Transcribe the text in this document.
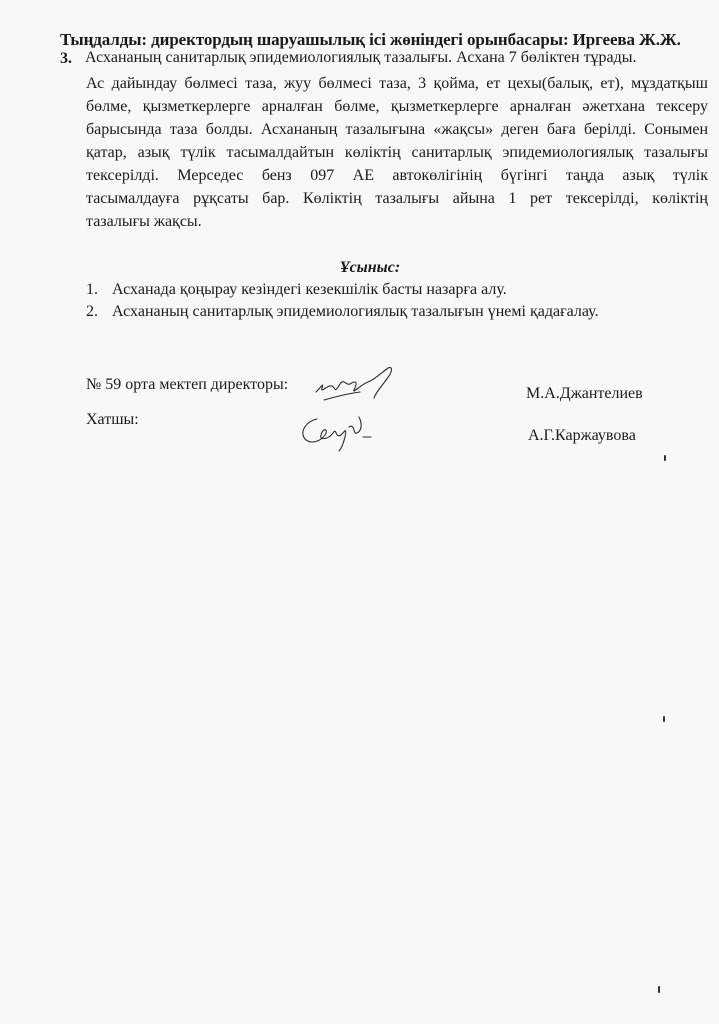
Тыңдалды: директордың шаруашылық ісі жөніндегі орынбасары: Иргеева Ж.Ж.
3. Асхананың санитарлық эпидемиологиялық тазалығы. Асхана 7 бөліктен тұрады.
Ас дайындау бөлмесі таза, жуу бөлмесі таза, 3 қойма, ет цехы(балық, ет), мұздатқыш
бөлме, қызметкерлерге арналған бөлме, қызметкерлерге арналған әжетхана тексеру
барысында таза болды. Асхананың тазалығына «жақсы» деген баға берілді. Сонымен
қатар, азық түлік тасымалдайтын көліктің санитарлық эпидемиологиялық тазалығы
тексерілді. Мерседес бенз 097 АЕ автокөлігінің бүгінгі таңда азық түлік
тасымалдауға рұқсаты бар. Көліктің тазалығы айына 1 рет тексерілді, көліктің
тазалығы жақсы.
Ұсыныс:
1. Асханада қоңырау кезіндегі кезекшілік басты назарға алу.
2. Асхананың санитарлық эпидемиологиялық тазалығын үнемі қадағалау.
№ 59 орта мектеп директоры:
М.А.Джантелиев
Хатшы:
А.Г.Каржаувова
